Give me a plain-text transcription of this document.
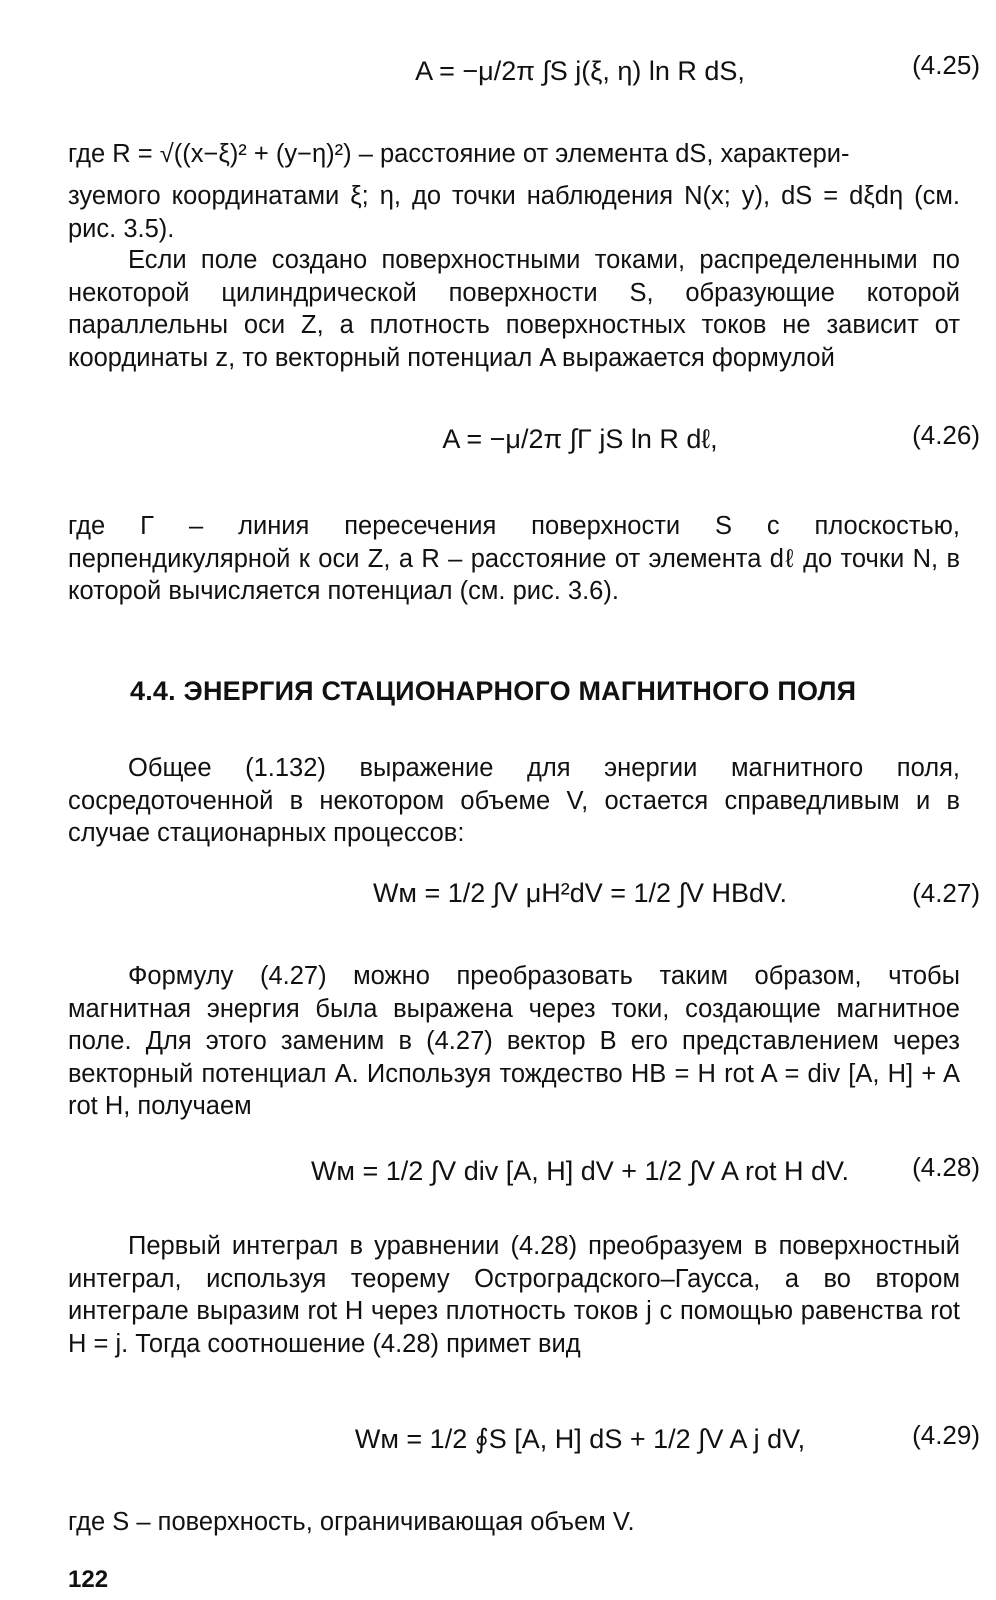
A = −μ/2π ∫S j(ξ, η) ln R dS,	(4.25)
где R = √((x−ξ)² + (y−η)²) – расстояние от элемента dS, характери-
зуемого координатами ξ; η, до точки наблюдения N(x; y), dS = dξdη (см. рис. 3.5).
Если поле создано поверхностными токами, распределенными по некоторой цилиндрической поверхности S, образующие которой параллельны оси Z, а плотность поверхностных токов не зависит от координаты z, то векторный потенциал A выражается формулой
A = −μ/2π ∫Γ jS ln R dℓ,	(4.26)
где Γ – линия пересечения поверхности S с плоскостью, перпендикулярной к оси Z, а R – расстояние от элемента dℓ до точки N, в которой вычисляется потенциал (см. рис. 3.6).
4.4. ЭНЕРГИЯ СТАЦИОНАРНОГО МАГНИТНОГО ПОЛЯ
Общее (1.132) выражение для энергии магнитного поля, сосредоточенной в некотором объеме V, остается справедливым и в случае стационарных процессов:
Wм = 1/2 ∫V μH²dV = 1/2 ∫V HBdV.	(4.27)
Формулу (4.27) можно преобразовать таким образом, чтобы магнитная энергия была выражена через токи, создающие магнитное поле. Для этого заменим в (4.27) вектор B его представлением через векторный потенциал A. Используя тождество HB = H rot A = div [A, H] + A rot H, получаем
Wм = 1/2 ∫V div [A, H] dV + 1/2 ∫V A rot H dV.	(4.28)
Первый интеграл в уравнении (4.28) преобразуем в поверхностный интеграл, используя теорему Остроградского–Гаусса, а во втором интеграле выразим rot H через плотность токов j с помощью равенства rot H = j. Тогда соотношение (4.28) примет вид
Wм = 1/2 ∮S [A, H] dS + 1/2 ∫V A j dV,	(4.29)
где S – поверхность, ограничивающая объем V.
122
